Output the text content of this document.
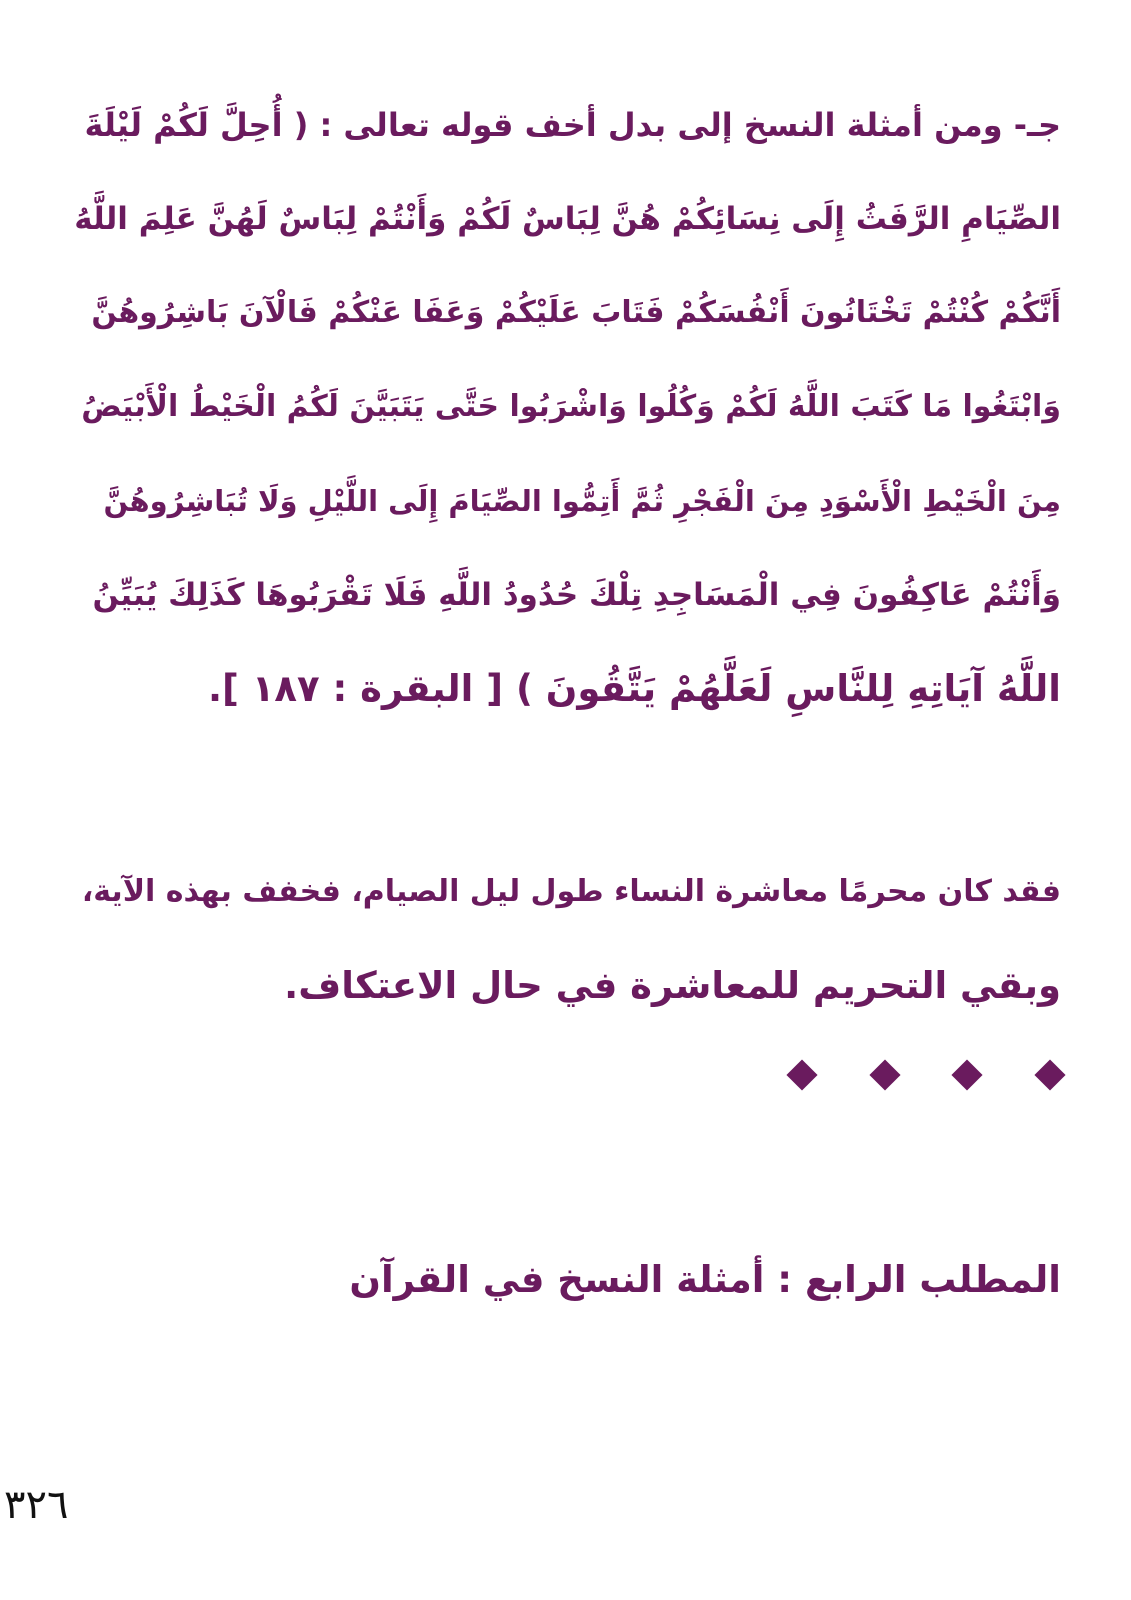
جـ- ومن أمثلة النسخ إلى بدل أخف قوله تعالى : ( أُحِلَّ لَكُمْ لَيْلَةَ
الصِّيَامِ الرَّفَثُ إِلَى نِسَائِكُمْ هُنَّ لِبَاسٌ لَكُمْ وَأَنْتُمْ لِبَاسٌ لَهُنَّ عَلِمَ اللَّهُ
أَنَّكُمْ كُنْتُمْ تَخْتَانُونَ أَنْفُسَكُمْ فَتَابَ عَلَيْكُمْ وَعَفَا عَنْكُمْ فَالْآنَ بَاشِرُوهُنَّ
وَابْتَغُوا مَا كَتَبَ اللَّهُ لَكُمْ وَكُلُوا وَاشْرَبُوا حَتَّى يَتَبَيَّنَ لَكُمُ الْخَيْطُ الْأَبْيَضُ
مِنَ الْخَيْطِ الْأَسْوَدِ مِنَ الْفَجْرِ ثُمَّ أَتِمُّوا الصِّيَامَ إِلَى اللَّيْلِ وَلَا تُبَاشِرُوهُنَّ
وَأَنْتُمْ عَاكِفُونَ فِي الْمَسَاجِدِ تِلْكَ حُدُودُ اللَّهِ فَلَا تَقْرَبُوهَا كَذَلِكَ يُبَيِّنُ
اللَّهُ آيَاتِهِ لِلنَّاسِ لَعَلَّهُمْ يَتَّقُونَ ) [ البقرة : ١٨٧ ].
فقد كان محرمًا معاشرة النساء طول ليل الصيام، فخفف بهذه الآية،
وبقي التحريم للمعاشرة في حال الاعتكاف.

المطلب الرابع : أمثلة النسخ في القرآن
٣٢٦
